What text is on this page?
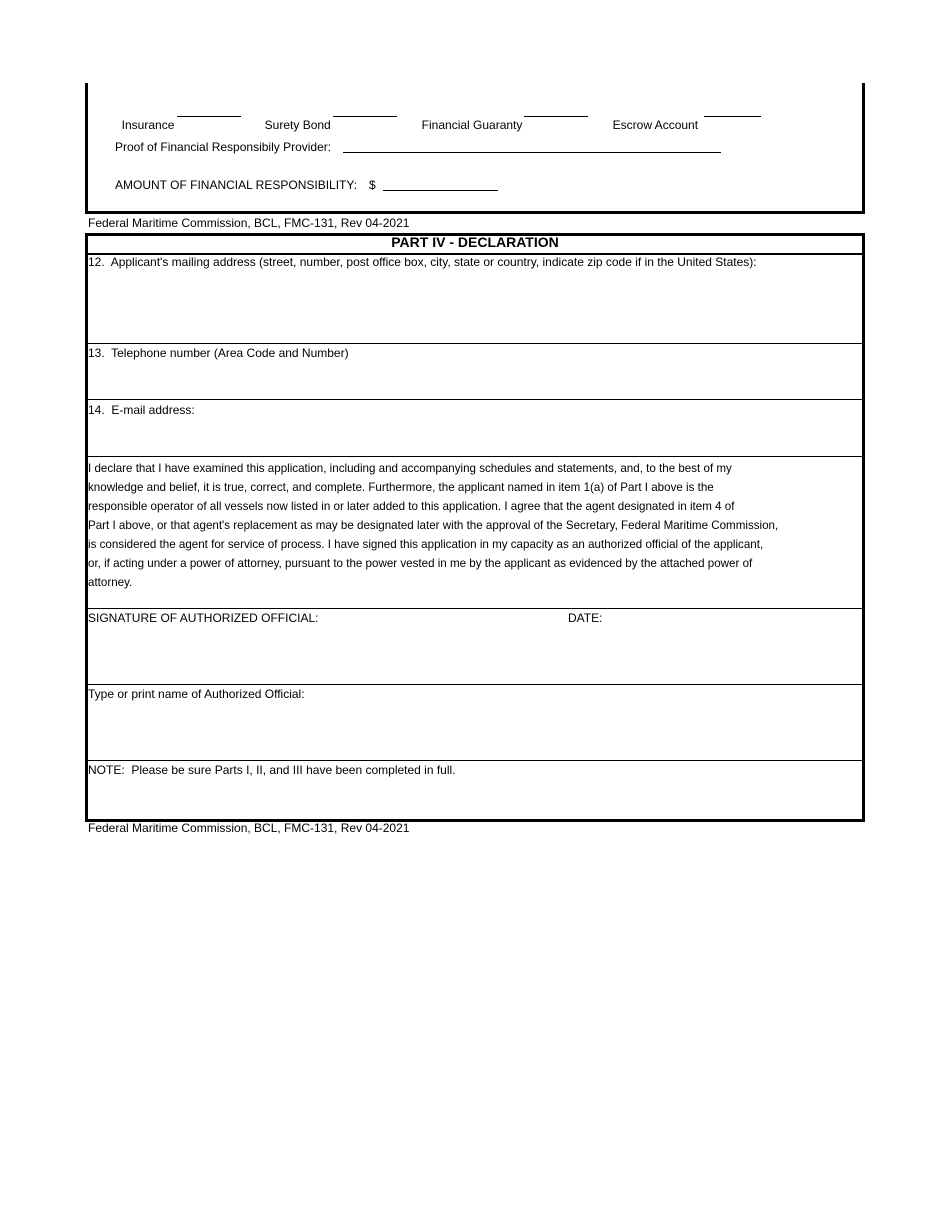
Insurance	Surety Bond	Financial Guaranty	Escrow Account

Proof of Financial Responsibily Provider:
AMOUNT OF FINANCIAL RESPONSIBILITY: $
Federal Maritime Commission, BCL, FMC-131, Rev 04-2021
PART IV - DECLARATION
12.  Applicant's mailing address (street, number, post office box, city, state or country, indicate zip code if in the United States):
13.  Telephone number (Area Code and Number)
14.  E-mail address:
I declare that I have examined this application, including and accompanying schedules and statements, and, to the best of my
knowledge and belief, it is true, correct, and complete. Furthermore, the applicant named in item 1(a) of Part I above is the
responsible operator of all vessels now listed in or later added to this application. I agree that the agent designated in item 4 of
Part I above, or that agent's replacement as may be designated later with the approval of the Secretary, Federal Maritime Commission,
is considered the agent for service of process. I have signed this application in my capacity as an authorized official of the applicant,
or, if acting under a power of attorney, pursuant to the power vested in me by the applicant as evidenced by the attached power of
attorney.
SIGNATURE OF AUTHORIZED OFFICIAL:	DATE:
Type or print name of Authorized Official:
NOTE:  Please be sure Parts I, II, and III have been completed in full.
Federal Maritime Commission, BCL, FMC-131, Rev 04-2021
